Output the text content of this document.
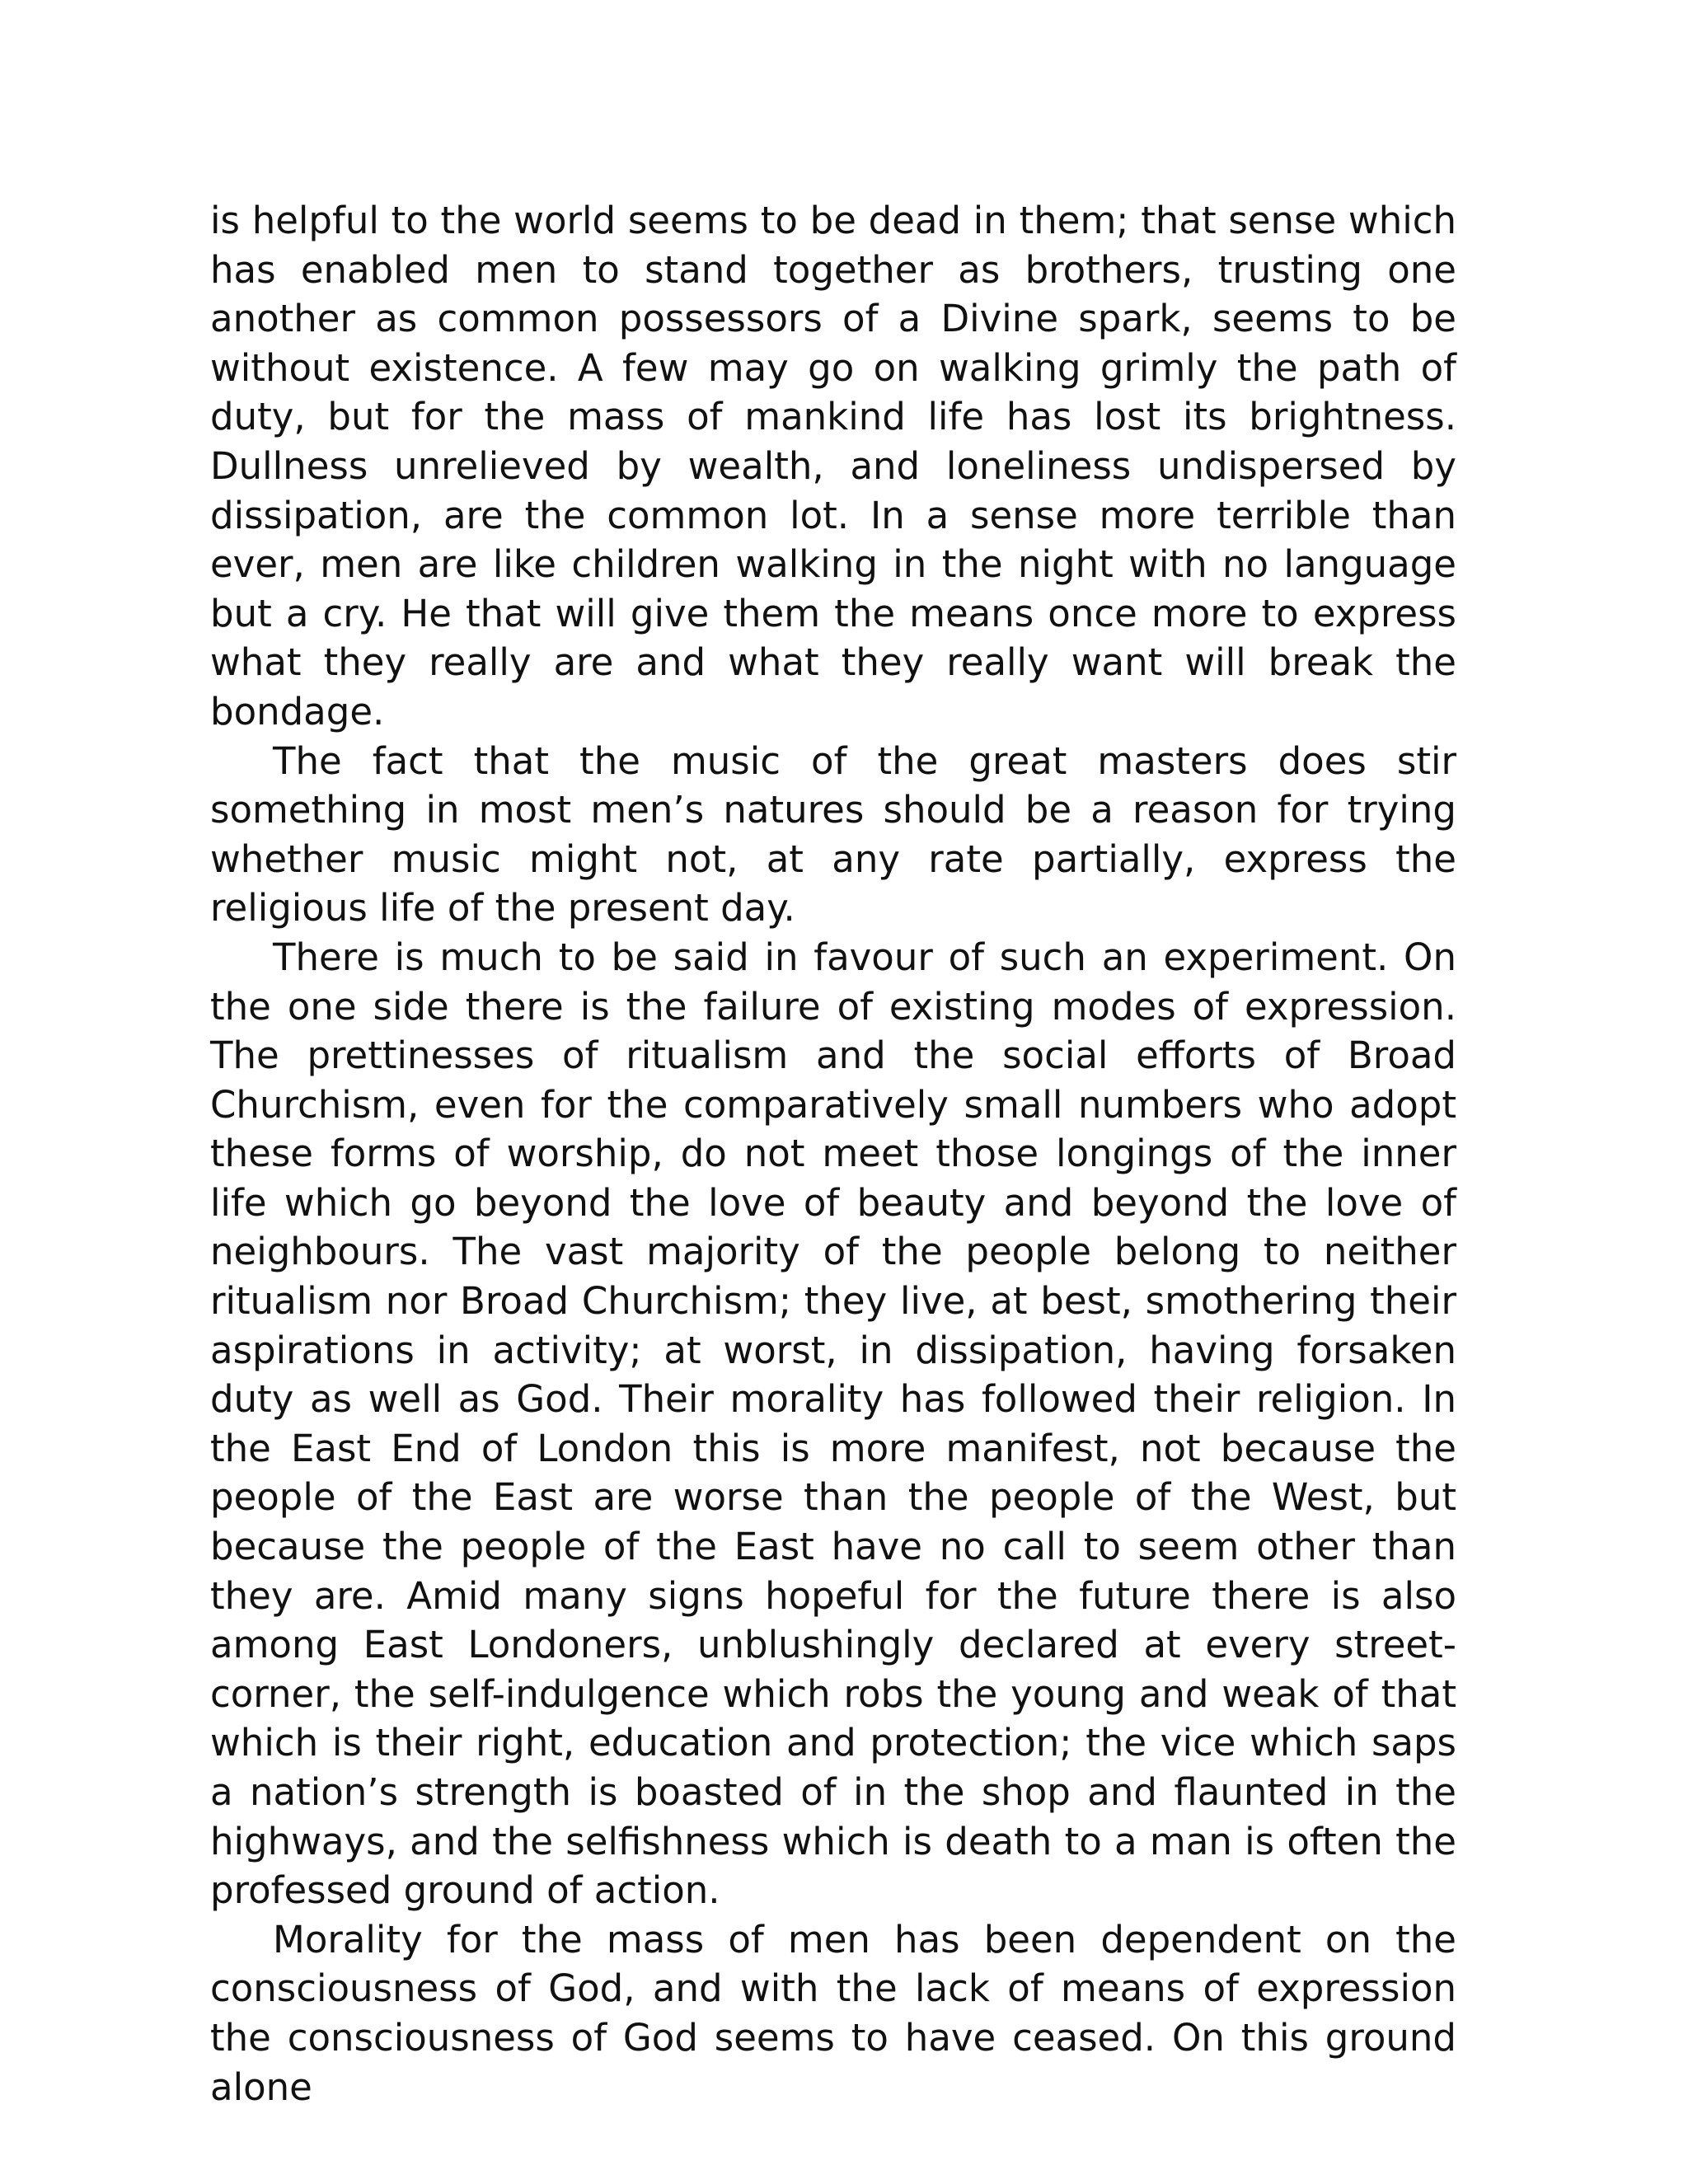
is helpful to the world seems to be dead in them; that sense which has enabled men to stand together as brothers, trusting one another as common possessors of a Divine spark, seems to be without existence. A few may go on walking grimly the path of duty, but for the mass of mankind life has lost its brightness. Dullness unrelieved by wealth, and loneliness undispersed by dissipation, are the common lot. In a sense more terrible than ever, men are like children walking in the night with no language but a cry. He that will give them the means once more to express what they really are and what they really want will break the bondage.

The fact that the music of the great masters does stir something in most men’s natures should be a reason for trying whether music might not, at any rate partially, express the religious life of the present day.

There is much to be said in favour of such an experiment. On the one side there is the failure of existing modes of expression. The prettinesses of ritualism and the social efforts of Broad Churchism, even for the comparatively small numbers who adopt these forms of worship, do not meet those longings of the inner life which go beyond the love of beauty and beyond the love of neighbours. The vast majority of the people belong to neither ritualism nor Broad Churchism; they live, at best, smothering their aspirations in activity; at worst, in dissipation, having forsaken duty as well as God. Their morality has followed their religion. In the East End of London this is more manifest, not because the people of the East are worse than the people of the West, but because the people of the East have no call to seem other than they are. Amid many signs hopeful for the future there is also among East Londoners, unblushingly declared at every street-corner, the self-indulgence which robs the young and weak of that which is their right, education and protection; the vice which saps a nation’s strength is boasted of in the shop and flaunted in the highways, and the selfishness which is death to a man is often the professed ground of action.

Morality for the mass of men has been dependent on the consciousness of God, and with the lack of means of expression the consciousness of God seems to have ceased. On this ground alone
